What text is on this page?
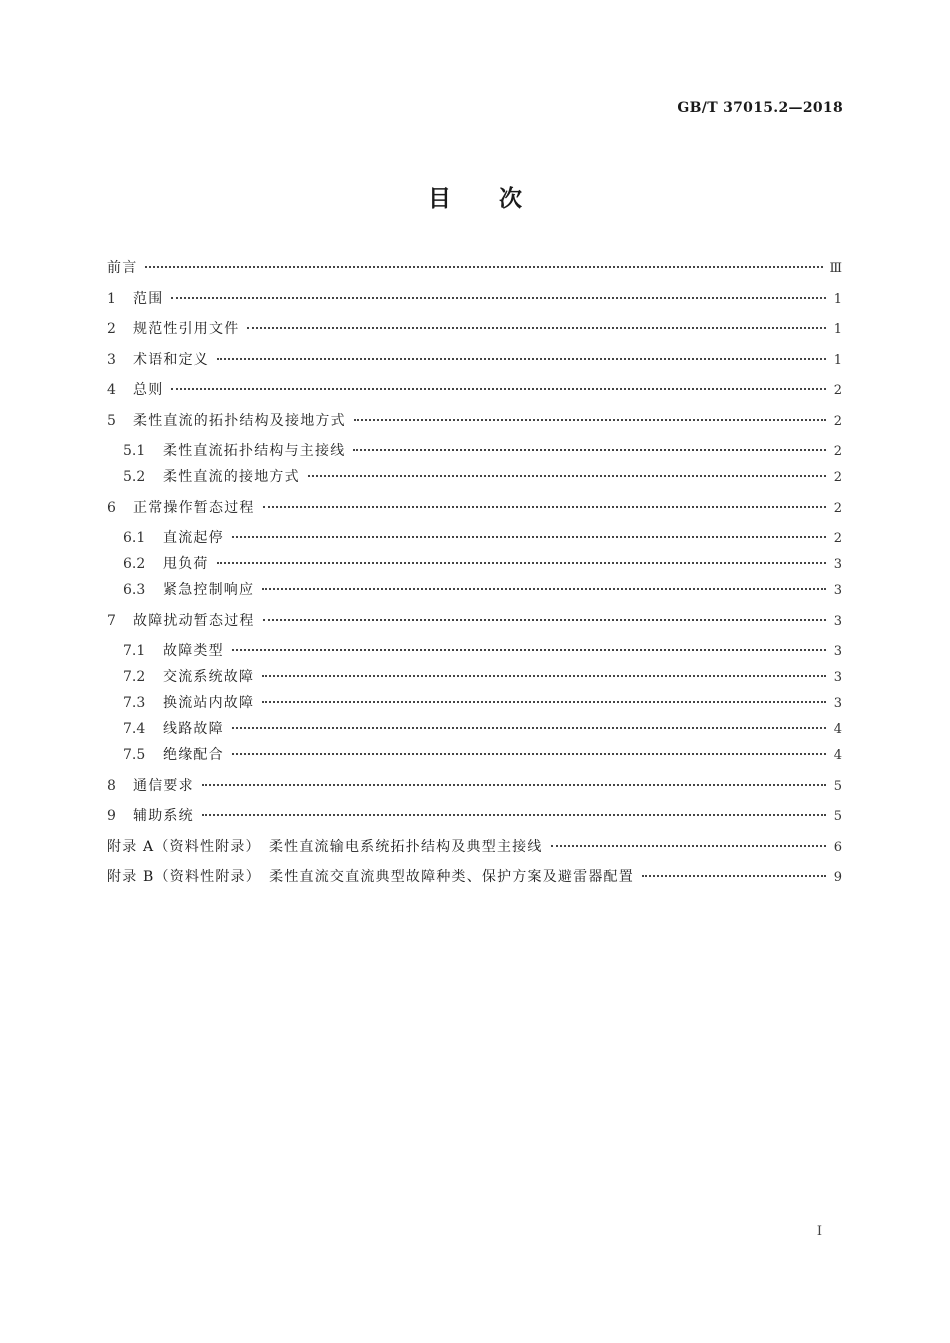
GB/T 37015.2—2018
目次
前言	Ⅲ
1	范围	1
2	规范性引用文件	1
3	术语和定义	1
4	总则	2
5	柔性直流的拓扑结构及接地方式	2
5.1	柔性直流拓扑结构与主接线	2
5.2	柔性直流的接地方式	2
6	正常操作暂态过程	2
6.1	直流起停	2
6.2	甩负荷	3
6.3	紧急控制响应	3
7	故障扰动暂态过程	3
7.1	故障类型	3
7.2	交流系统故障	3
7.3	换流站内故障	3
7.4	线路故障	4
7.5	绝缘配合	4
8	通信要求	5
9	辅助系统	5
附录 A（资料性附录）　柔性直流输电系统拓扑结构及典型主接线	6
附录 B（资料性附录）　柔性直流交直流典型故障种类、保护方案及避雷器配置	9
I
